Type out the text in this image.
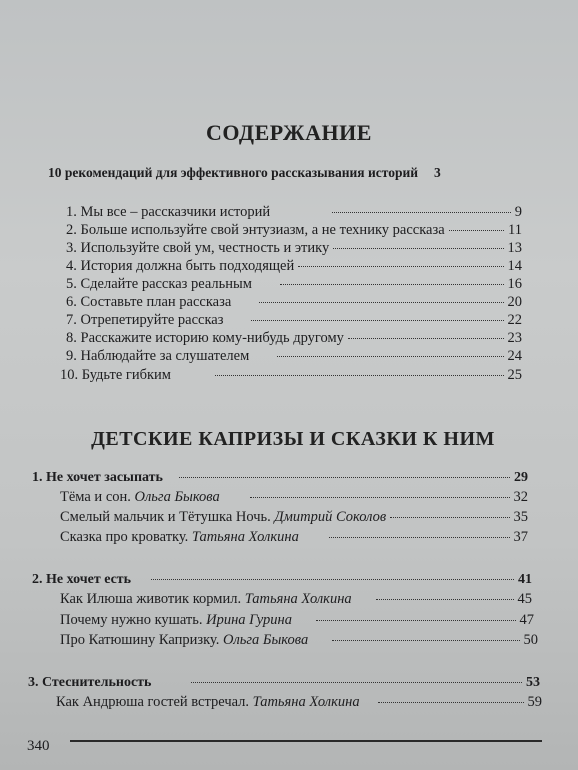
СОДЕРЖАНИЕ
10 рекомендаций для эффективного рассказывания историй 3
1. Мы все – рассказчики историй	9
2. Больше используйте свой энтузиазм, а не технику рассказа	11
3. Используйте свой ум, честность и этику	13
4. История должна быть подходящей	14
5. Сделайте рассказ реальным	16
6. Составьте план рассказа	20
7. Отрепетируйте рассказ	22
8. Расскажите историю кому-нибудь другому	23
9. Наблюдайте за слушателем	24
10. Будьте гибким	25
ДЕТСКИЕ КАПРИЗЫ И СКАЗКИ К НИМ
1. Не хочет засыпать	29
Тёма и сон. Ольга Быкова	32
Смелый мальчик и Тётушка Ночь. Дмитрий Соколов	35
Сказка про кроватку. Татьяна Холкина	37
2. Не хочет есть	41
Как Илюша животик кормил. Татьяна Холкина	45
Почему нужно кушать. Ирина Гурина	47
Про Катюшину Капризку. Ольга Быкова	50
3. Стеснительность	53
Как Андрюша гостей встречал. Татьяна Холкина	59
340
